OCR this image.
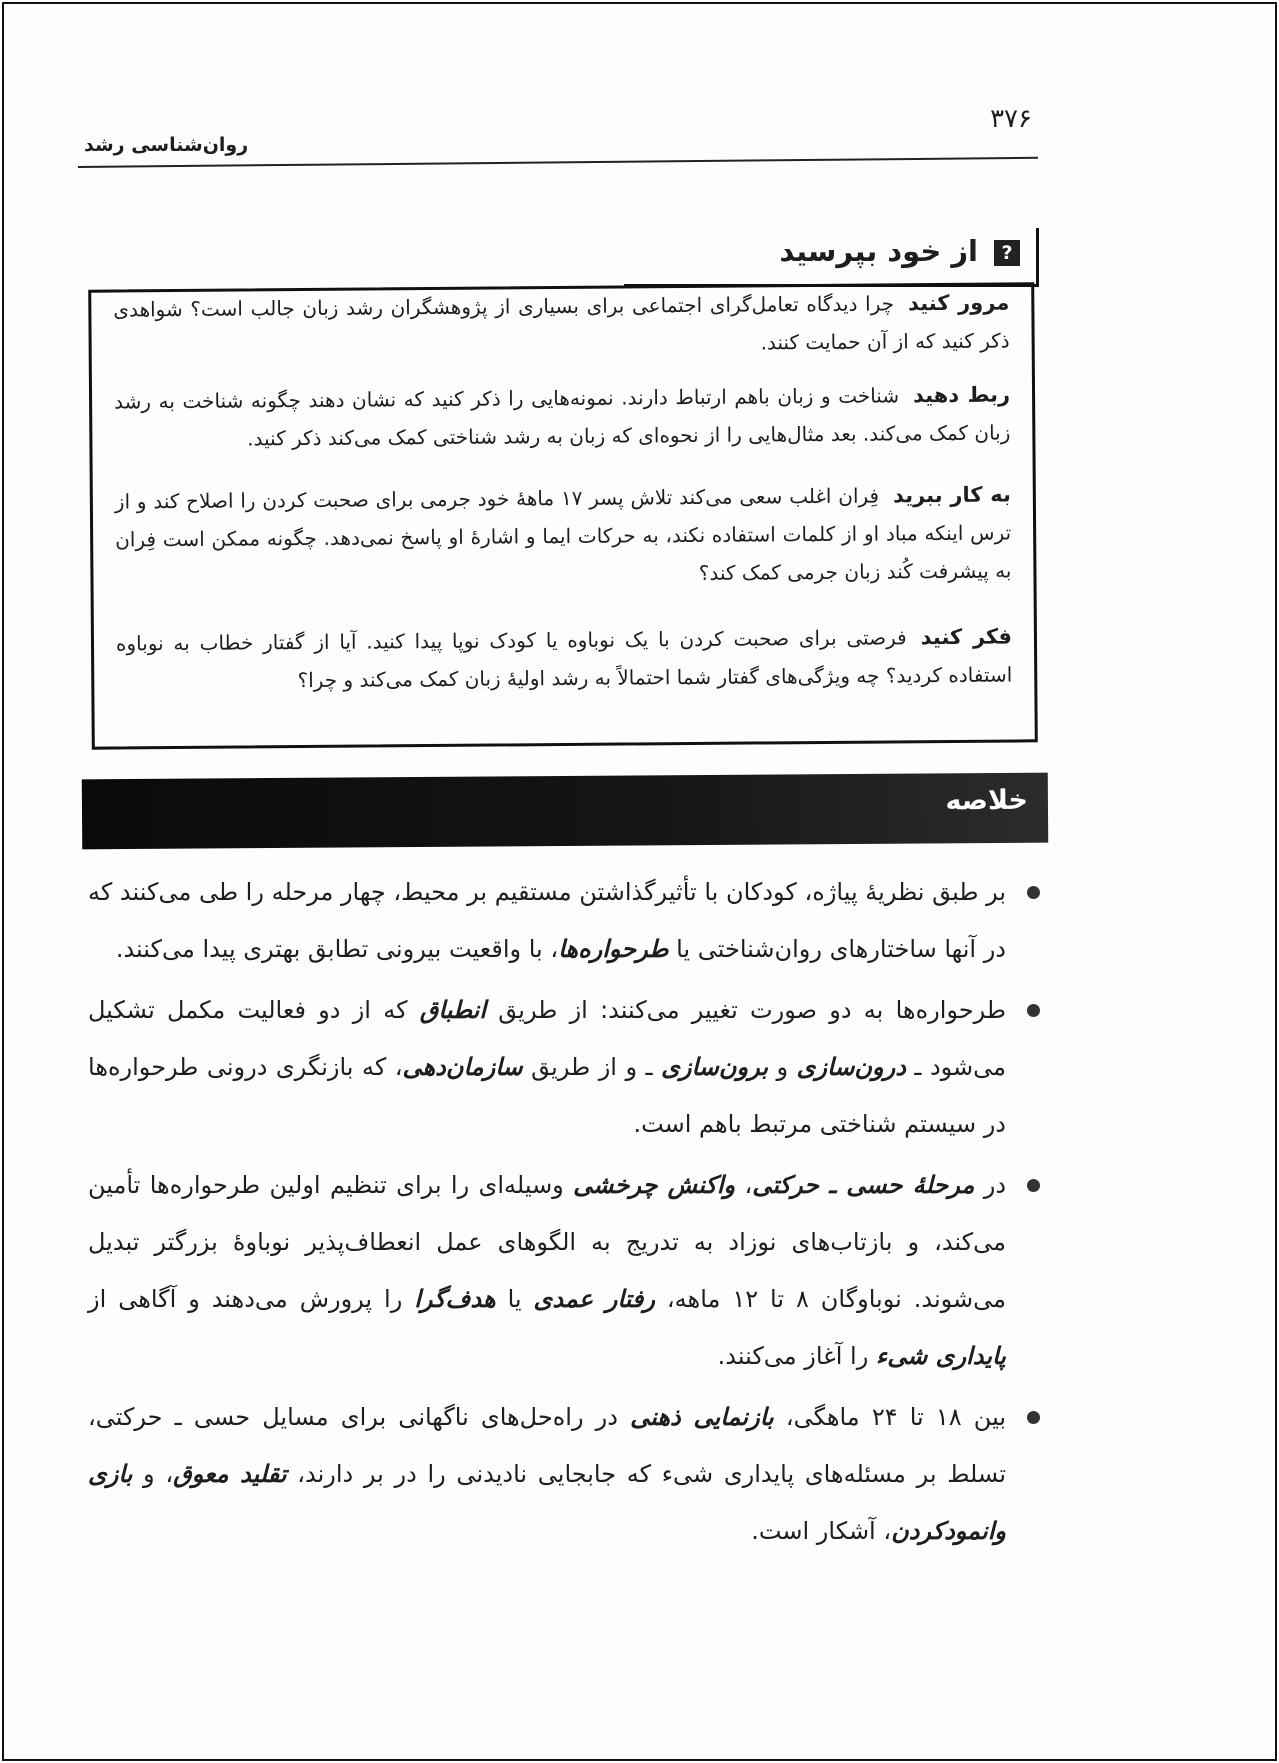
۳۷۶
روان‌شناسی رشد
از خود بپرسید	?

مرور کنیدچرا دیدگاه تعامل‌گرای اجتماعی برای بسیاری از پژوهشگران رشد زبان جالب است؟ شواهدی ذکر کنید که از آن حمایت کنند.

ربط دهیدشناخت و زبان باهم ارتباط دارند. نمونه‌هایی را ذکر کنید که نشان دهند چگونه شناخت به رشد زبان کمک می‌کند. بعد مثال‌هایی را از نحوه‌ای که زبان به رشد شناختی کمک می‌کند ذکر کنید.

به کار ببریدفِران اغلب سعی می‌کند تلاش پسر ۱۷ ماههٔ خود جرمی برای صحبت کردن را اصلاح کند و از ترس اینکه مباد او از کلمات استفاده نکند، به حرکات ایما و اشارهٔ او پاسخ نمی‌دهد. چگونه ممکن است فِران به پیشرفت کُند زبان جرمی کمک کند؟

فکر کنیدفرصتی برای صحبت کردن با یک نوباوه یا کودک نوپا پیدا کنید. آیا از گفتار خطاب به نوباوه استفاده کردید؟ چه ویژگی‌های گفتار شما احتمالاً به رشد اولیهٔ زبان کمک می‌کند و چرا؟

خلاصه
بر طبق نظریهٔ پیاژه، کودکان با تأثیرگذاشتن مستقیم بر محیط، چهار مرحله را طی می‌کنند که در آنها ساختارهای روان‌شناختی یا طرحواره‌ها، با واقعیت بیرونی تطابق بهتری پیدا می‌کنند.
طرحواره‌ها به دو صورت تغییر می‌کنند: از طریق انطباق که از دو فعالیت مکمل تشکیل می‌شود ـ درون‌سازی و برون‌سازی ـ و از طریق سازمان‌دهی، که بازنگری درونی طرحواره‌ها در سیستم شناختی مرتبط باهم است.
در مرحلهٔ حسی ـ حرکتی، واکنش چرخشی وسیله‌ای را برای تنظیم اولین طرحواره‌ها تأمین می‌کند، و بازتاب‌های نوزاد به تدریج به الگوهای عمل انعطاف‌پذیر نوباوهٔ بزرگتر تبدیل می‌شوند. نوباوگان ۸ تا ۱۲ ماهه، رفتار عمدی یا هدف‌گرا را پرورش می‌دهند و آگاهی از پایداری شیء را آغاز می‌کنند.
بین ۱۸ تا ۲۴ ماهگی، بازنمایی ذهنی در راه‌حل‌های ناگهانی برای مسایل حسی ـ حرکتی، تسلط بر مسئله‌های پایداری شیء که جابجایی نادیدنی را در بر دارند، تقلید معوق، و بازی وانمودکردن، آشکار است.
